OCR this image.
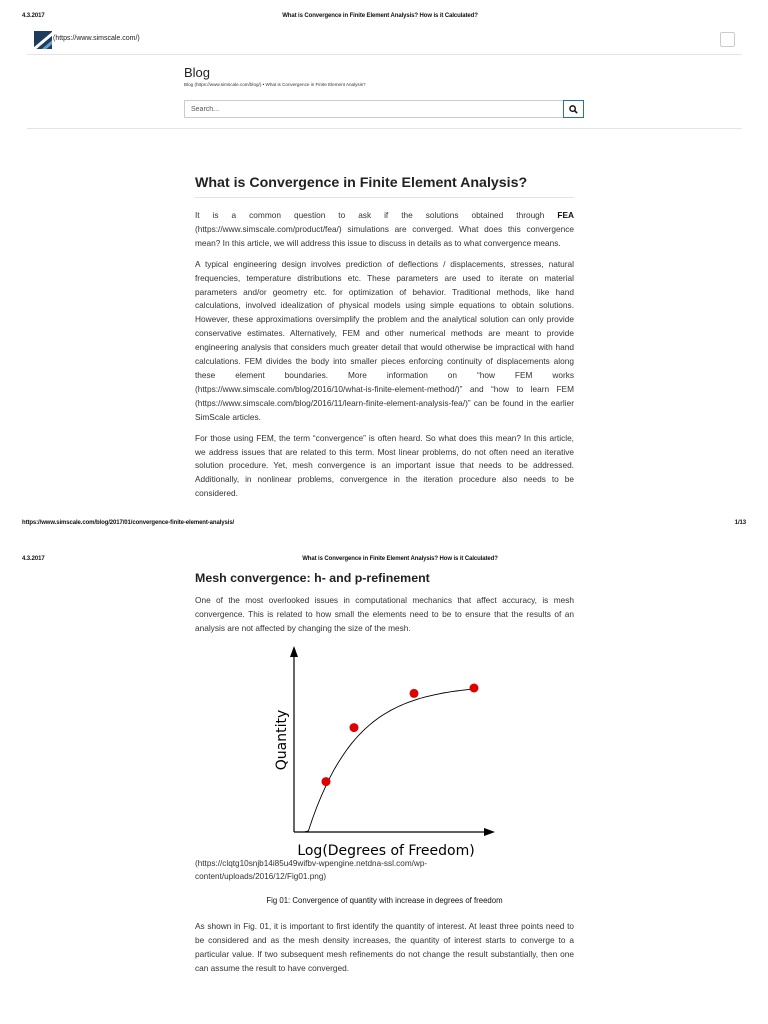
4.3.2017	What is Convergence in Finite Element Analysis? How is it Calculated?
(https://www.simscale.com/)
Blog
Blog (https://www.simscale.com/blog/) • What is Convergence in Finite Element Analysis?
Search...
What is Convergence in Finite Element Analysis?

It is a common question to ask if the solutions obtained through FEA (https://www.simscale.com/product/fea/) simulations are converged. What does this convergence mean? In this article, we will address this issue to discuss in details as to what convergence means.

A typical engineering design involves prediction of deflections / displacements, stresses, natural frequencies, temperature distributions etc. These parameters are used to iterate on material parameters and/or geometry etc. for optimization of behavior. Traditional methods, like hand calculations, involved idealization of physical models using simple equations to obtain solutions. However, these approximations oversimplify the problem and the analytical solution can only provide conservative estimates. Alternatively, FEM and other numerical methods are meant to provide engineering analysis that considers much greater detail that would otherwise be impractical with hand calculations. FEM divides the body into smaller pieces enforcing continuity of displacements along these element boundaries. More information on “how FEM works (https://www.simscale.com/blog/2016/10/what-is-finite-element-method/)” and “how to learn FEM (https://www.simscale.com/blog/2016/11/learn-finite-element-analysis-fea/)” can be found in the earlier SimScale articles.

For those using FEM, the term “convergence” is often heard. So what does this mean? In this article, we address issues that are related to this term. Most linear problems, do not often need an iterative solution procedure. Yet, mesh convergence is an important issue that needs to be addressed. Additionally, in nonlinear problems, convergence in the iteration procedure also needs to be considered.

https://www.simscale.com/blog/2017/01/convergence-finite-element-analysis/	1/13
4.3.2017	What is Convergence in Finite Element Analysis? How is it Calculated?
Mesh convergence: h- and p-refinement

One of the most overlooked issues in computational mechanics that affect accuracy, is mesh convergence. This is related to how small the elements need to be to ensure that the results of an analysis are not affected by changing the size of the mesh.

Quantity
Log(Degrees of Freedom)
(https://clqtg10snjb14i85u49wifbv-wpengine.netdna-ssl.com/wp-content/uploads/2016/12/Fig01.png)
Fig 01: Convergence of quantity with increase in degrees of freedom

As shown in Fig. 01, it is important to first identify the quantity of interest. At least three points need to be considered and as the mesh density increases, the quantity of interest starts to converge to a particular value. If two subsequent mesh refinements do not change the result substantially, then one can assume the result to have converged.
